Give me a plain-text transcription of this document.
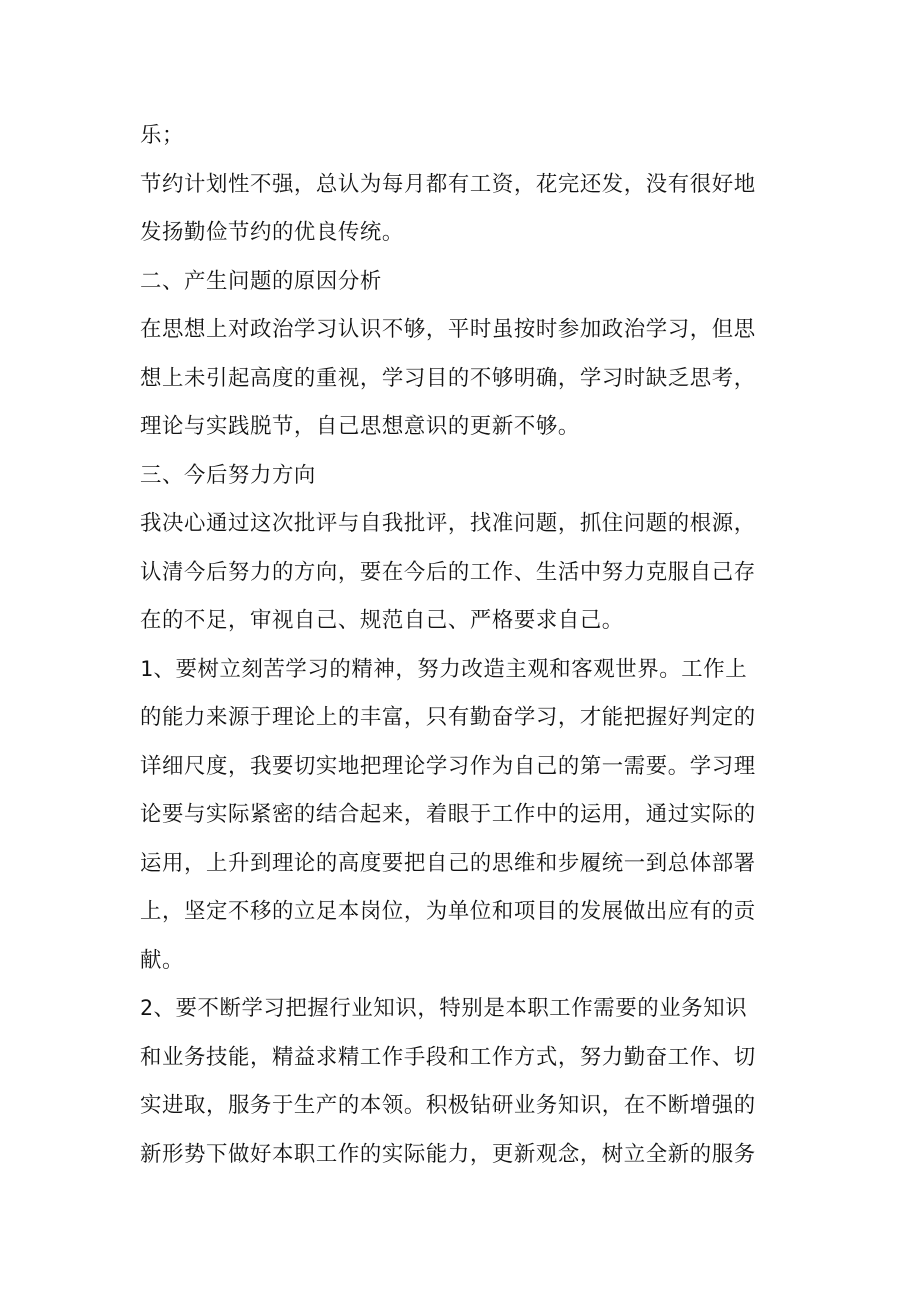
乐；

节约计划性不强，总认为每月都有工资，花完还发，没有很好地

发扬勤俭节约的优良传统。

二、产生问题的原因分析

在思想上对政治学习认识不够，平时虽按时参加政治学习，但思

想上未引起高度的重视，学习目的不够明确，学习时缺乏思考，

理论与实践脱节，自己思想意识的更新不够。

三、今后努力方向

我决心通过这次批评与自我批评，找准问题，抓住问题的根源，

认清今后努力的方向，要在今后的工作、生活中努力克服自己存

在的不足，审视自己、规范自己、严格要求自己。

1、要树立刻苦学习的精神，努力改造主观和客观世界。工作上

的能力来源于理论上的丰富，只有勤奋学习，才能把握好判定的

详细尺度，我要切实地把理论学习作为自己的第一需要。学习理

论要与实际紧密的结合起来，着眼于工作中的运用，通过实际的

运用，上升到理论的高度要把自己的思维和步履统一到总体部署

上，坚定不移的立足本岗位，为单位和项目的发展做出应有的贡

献。

2、要不断学习把握行业知识，特别是本职工作需要的业务知识

和业务技能，精益求精工作手段和工作方式，努力勤奋工作、切

实进取，服务于生产的本领。积极钻研业务知识，在不断增强的

新形势下做好本职工作的实际能力，更新观念，树立全新的服务
